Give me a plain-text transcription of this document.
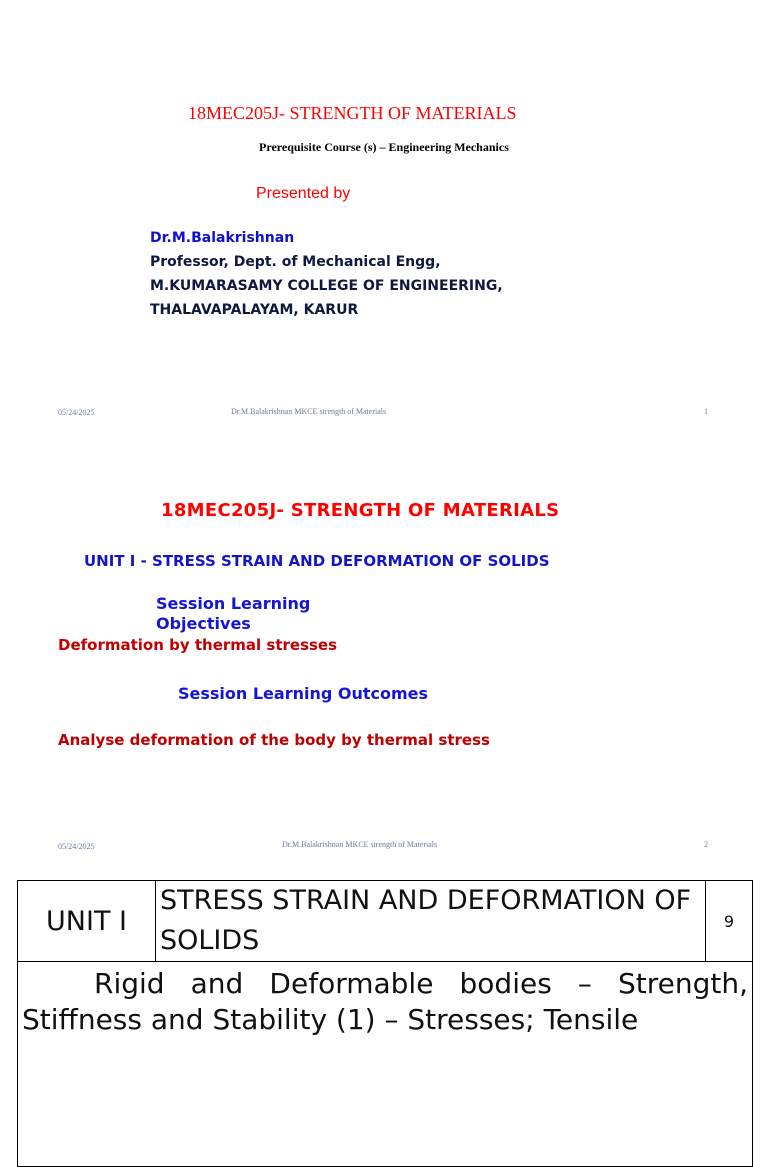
18MEC205J- STRENGTH OF MATERIALS
Prerequisite Course (s) – Engineering Mechanics
Presented by
Dr.M.Balakrishnan
Professor, Dept. of Mechanical Engg,
M.KUMARASAMY COLLEGE OF ENGINEERING,
THALAVAPALAYAM, KARUR
05/24/2025	Dr.M.Balakrishnan MKCE strength of Materials	1
18MEC205J- STRENGTH OF MATERIALS
UNIT I - STRESS STRAIN AND DEFORMATION OF SOLIDS
Session Learning Objectives
Deformation by thermal stresses
Session Learning Outcomes
Analyse deformation of the body by thermal stress
05/24/2025	Dr.M.Balakrishnan MKCE strength of Materials	2
UNIT I	STRESS STRAIN AND DEFORMATION OF SOLIDS	9
Rigid and Deformable bodies – Strength, Stiffness and Stability (1) – Stresses; Tensile
